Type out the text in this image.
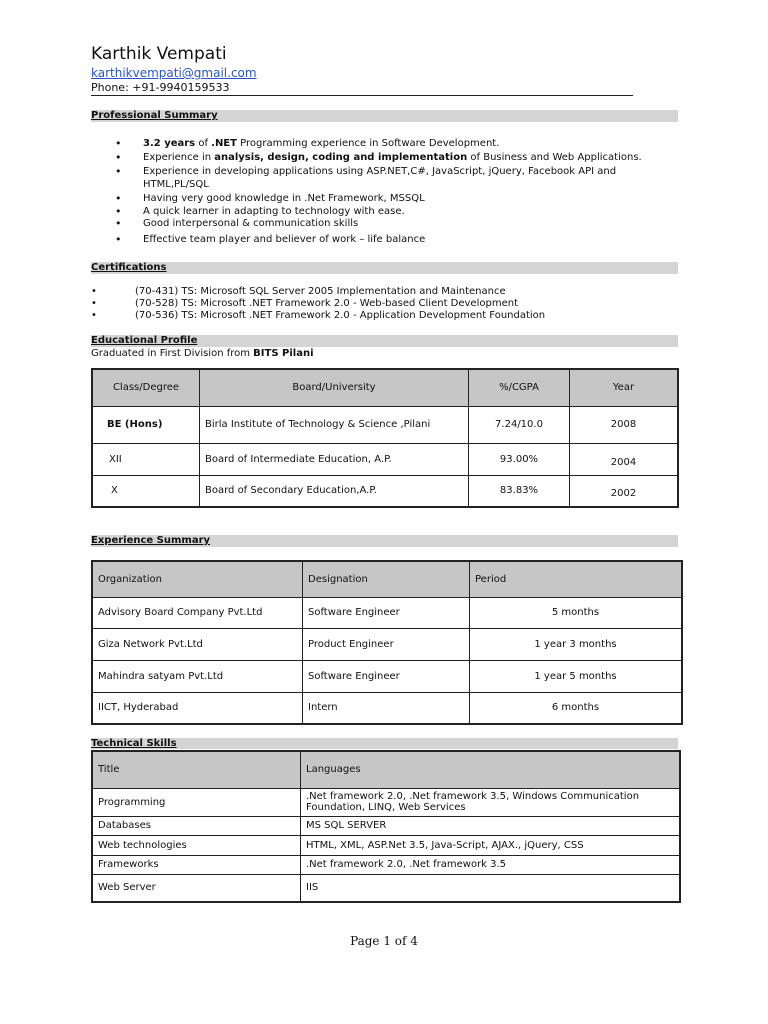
Karthik Vempati
karthikvempati@gmail.com
Phone: +91-9940159533
Professional Summary
• 3.2 years of .NET Programming experience in Software Development.
• Experience in analysis, design, coding and implementation of Business and Web Applications.
• Experience in developing applications using ASP.NET,C#, JavaScript, jQuery, Facebook API and HTML,PL/SQL
• Having very good knowledge in .Net Framework, MSSQL
• A quick learner in adapting to technology with ease.
• Good interpersonal & communication skills
• Effective team player and believer of work – life balance
Certifications
•	(70-431) TS: Microsoft SQL Server 2005 Implementation and Maintenance
•	(70-528) TS: Microsoft .NET Framework 2.0 - Web-based Client Development
•	(70-536) TS: Microsoft .NET Framework 2.0 - Application Development Foundation
Educational Profile
Graduated in First Division from BITS Pilani
Class/Degree	Board/University	%/CGPA	Year
BE (Hons)	Birla Institute of Technology & Science ,Pilani	7.24/10.0	2008
XII	Board of Intermediate Education, A.P.	93.00%	2004
X	Board of Secondary Education,A.P.	83.83%	2002
Experience Summary
Organization	Designation	Period
Advisory Board Company Pvt.Ltd	Software Engineer	5 months
Giza Network Pvt.Ltd	Product Engineer	1 year 3 months
Mahindra satyam Pvt.Ltd	Software Engineer	1 year 5 months
IICT, Hyderabad	Intern	6 months
Technical Skills
Title	Languages
Programming	.Net framework 2.0, .Net framework 3.5, Windows Communication Foundation, LINQ, Web Services
Databases	MS SQL SERVER
Web technologies	HTML, XML, ASP.Net 3.5, Java-Script, AJAX., jQuery, CSS
Frameworks	.Net framework 2.0, .Net framework 3.5
Web Server	IIS
Page 1 of 4
